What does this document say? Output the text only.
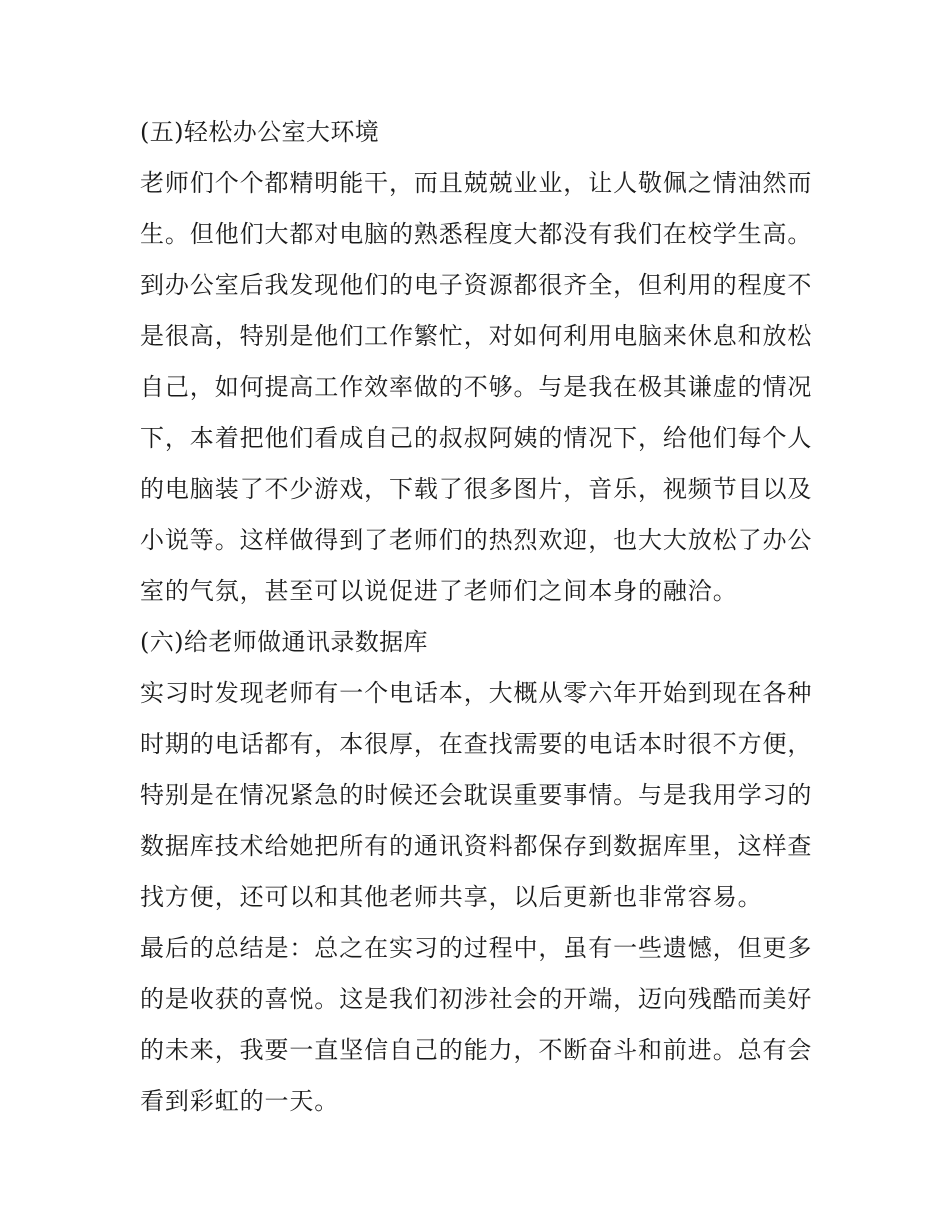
(五)轻松办公室大环境
老师们个个都精明能干，而且兢兢业业，让人敬佩之情油然而
生。但他们大都对电脑的熟悉程度大都没有我们在校学生高。
到办公室后我发现他们的电子资源都很齐全，但利用的程度不
是很高，特别是他们工作繁忙，对如何利用电脑来休息和放松
自己，如何提高工作效率做的不够。与是我在极其谦虚的情况
下，本着把他们看成自己的叔叔阿姨的情况下，给他们每个人
的电脑装了不少游戏，下载了很多图片，音乐，视频节目以及
小说等。这样做得到了老师们的热烈欢迎，也大大放松了办公
室的气氛，甚至可以说促进了老师们之间本身的融洽。
(六)给老师做通讯录数据库
实习时发现老师有一个电话本，大概从零六年开始到现在各种
时期的电话都有，本很厚，在查找需要的电话本时很不方便，
特别是在情况紧急的时候还会耽误重要事情。与是我用学习的
数据库技术给她把所有的通讯资料都保存到数据库里，这样查
找方便，还可以和其他老师共享，以后更新也非常容易。
最后的总结是：总之在实习的过程中，虽有一些遗憾，但更多
的是收获的喜悦。这是我们初涉社会的开端，迈向残酷而美好
的未来，我要一直坚信自己的能力，不断奋斗和前进。总有会
看到彩虹的一天。
